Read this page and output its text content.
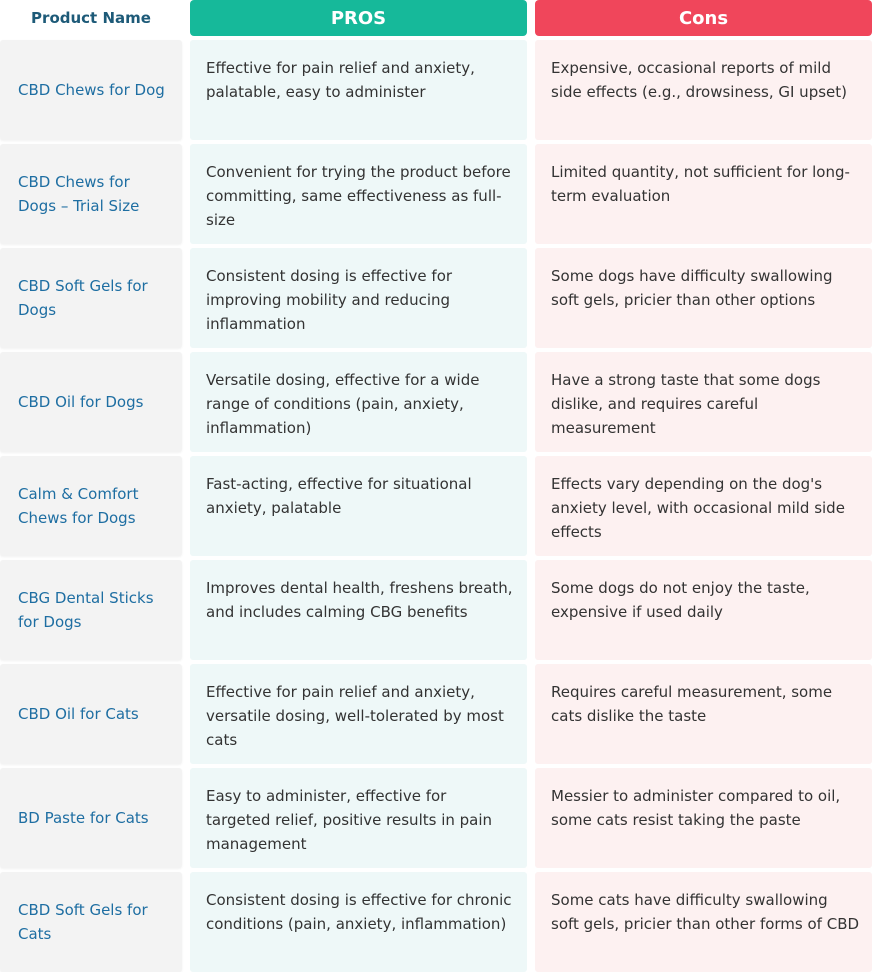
Product Name	PROS	Cons
CBD Chews for Dog
Effective for pain relief and anxiety, palatable, easy to administer
Expensive, occasional reports of mild side effects (e.g., drowsiness, GI upset)
CBD Chews for Dogs – Trial Size
Convenient for trying the product before committing, same effectiveness as full-size
Limited quantity, not sufficient for long-term evaluation
CBD Soft Gels for Dogs
Consistent dosing is effective for improving mobility and reducing inflammation
Some dogs have difficulty swallowing soft gels, pricier than other options
CBD Oil for Dogs
Versatile dosing, effective for a wide range of conditions (pain, anxiety, inflammation)
Have a strong taste that some dogs dislike, and requires careful measurement
Calm & Comfort Chews for Dogs
Fast-acting, effective for situational anxiety, palatable
Effects vary depending on the dog's anxiety level, with occasional mild side effects
CBG Dental Sticks for Dogs
Improves dental health, freshens breath, and includes calming CBG benefits
Some dogs do not enjoy the taste, expensive if used daily
CBD Oil for Cats
Effective for pain relief and anxiety, versatile dosing, well-tolerated by most cats
Requires careful measurement, some cats dislike the taste
BD Paste for Cats
Easy to administer, effective for targeted relief, positive results in pain management
Messier to administer compared to oil, some cats resist taking the paste
CBD Soft Gels for Cats
Consistent dosing is effective for chronic conditions (pain, anxiety, inflammation)
Some cats have difficulty swallowing soft gels, pricier than other forms of CBD
